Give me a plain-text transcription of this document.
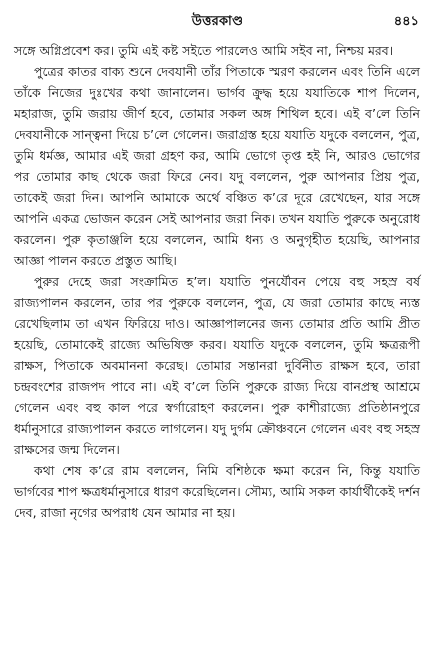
উত্তরকাণ্ড	৪৪১

সঙ্গে অগ্নিপ্রবেশ কর। তুমি এই কষ্ট সইতে পারলেও আমি সইব না, নিশ্চয় মরব।

পুত্রের কাতর বাক্য শুনে দেবযানী তাঁর পিতাকে স্মরণ করলেন এবং তিনি এলে তাঁকে নিজের দুঃখের কথা জানালেন। ভার্গব ক্রুদ্ধ হয়ে যযাতিকে শাপ দিলেন, মহারাজ, তুমি জরায় জীর্ণ হবে, তোমার সকল অঙ্গ শিথিল হবে। এই ব’লে তিনি দেবযানীকে সান্ত্বনা দিয়ে চ’লে গেলেন। জরাগ্রস্ত হয়ে যযাতি যদুকে বললেন, পুত্র, তুমি ধর্মজ্ঞ, আমার এই জরা গ্রহণ কর, আমি ভোগে তৃপ্ত হই নি, আরও ভোগের পর তোমার কাছ থেকে জরা ফিরে নেব। যদু বললেন, পুরু আপনার প্রিয় পুত্র, তাকেই জরা দিন। আপনি আমাকে অর্থে বঞ্চিত ক’রে দূরে রেখেছেন, যার সঙ্গে আপনি একত্র ভোজন করেন সেই আপনার জরা নিক। তখন যযাতি পুরুকে অনুরোধ করলেন। পুরু কৃতাঞ্জলি হয়ে বললেন, আমি ধন্য ও অনুগৃহীত হয়েছি, আপনার আজ্ঞা পালন করতে প্রস্তুত আছি।

পুরুর দেহে জরা সংক্রামিত হ’ল। যযাতি পুনর্যৌবন পেয়ে বহু সহস্র বর্ষ রাজ্যপালন করলেন, তার পর পুরুকে বললেন, পুত্র, যে জরা তোমার কাছে ন্যস্ত রেখেছিলাম তা এখন ফিরিয়ে দাও। আজ্ঞাপালনের জন্য তোমার প্রতি আমি প্রীত হয়েছি, তোমাকেই রাজ্যে অভিষিক্ত করব। যযাতি যদুকে বললেন, তুমি ক্ষত্ররূপী রাক্ষস, পিতাকে অবমাননা করেছ। তোমার সন্তানরা দুর্বিনীত রাক্ষস হবে, তারা চন্দ্রবংশের রাজপদ পাবে না। এই ব’লে তিনি পুরুকে রাজ্য দিয়ে বানপ্রস্থ আশ্রমে গেলেন এবং বহু কাল পরে স্বর্গারোহণ করলেন। পুরু কাশীরাজ্যে প্রতিষ্ঠানপুরে ধর্মানুসারে রাজ্যপালন করতে লাগলেন। যদু দুর্গম ক্রৌঞ্চবনে গেলেন এবং বহু সহস্র রাক্ষসের জন্ম দিলেন।

কথা শেষ ক’রে রাম বললেন, নিমি বশিষ্ঠকে ক্ষমা করেন নি, কিন্তু যযাতি ভার্গবের শাপ ক্ষত্রধর্মানুসারে ধারণ করেছিলেন। সৌম্য, আমি সকল কার্যার্থীকেই দর্শন দেব, রাজা নৃগের অপরাধ যেন আমার না হয়।
